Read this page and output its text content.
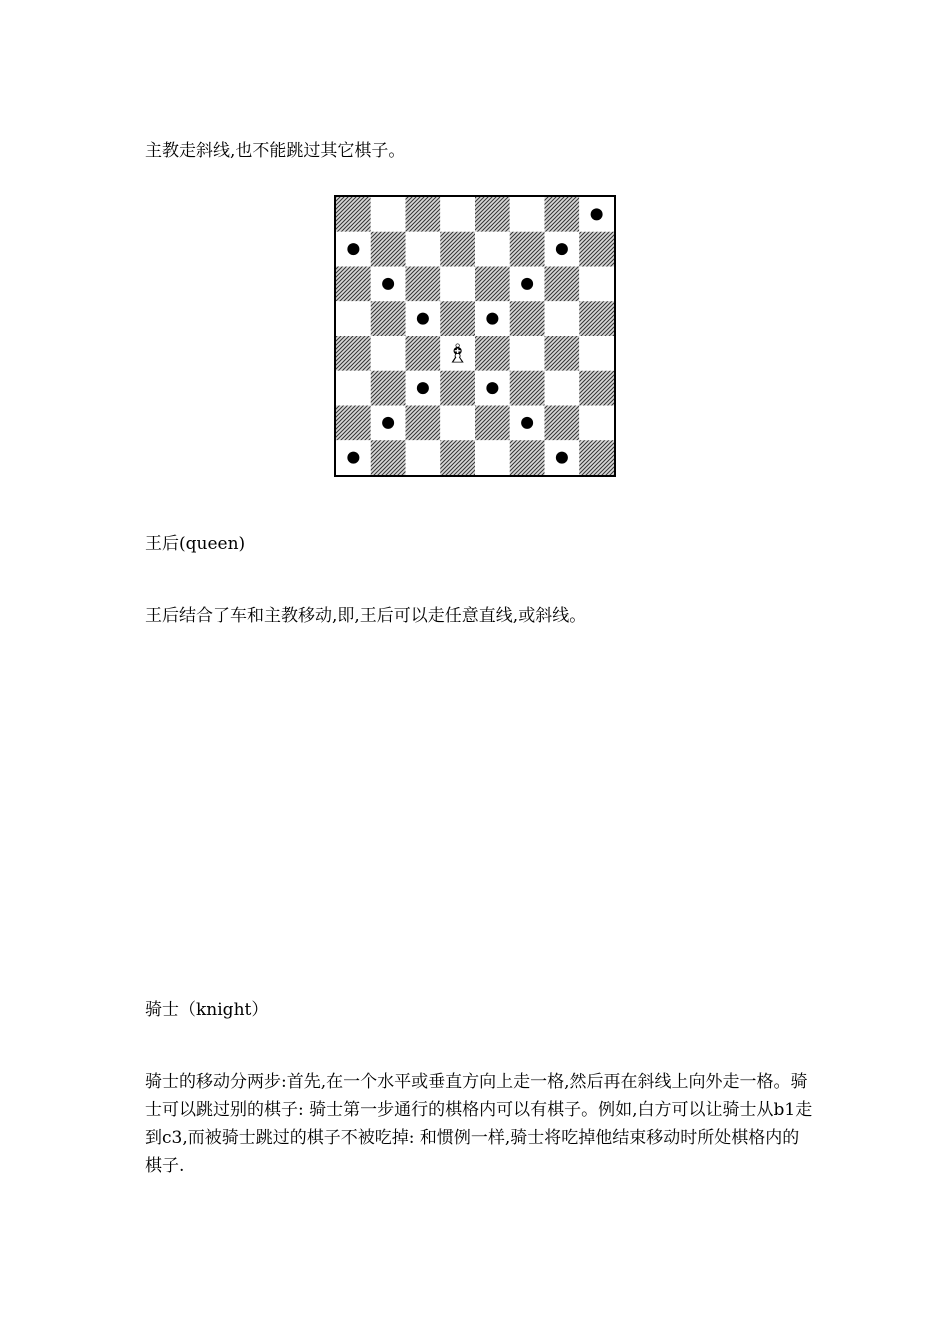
主教走斜线,也不能跳过其它棋子。

♗

王后(queen)

王后结合了车和主教移动,即,王后可以走任意直线,或斜线。

骑士（knight）

骑士的移动分两步:首先,在一个水平或垂直方向上走一格,然后再在斜线上向外走一格。骑士可以跳过别的棋子: 骑士第一步通行的棋格内可以有棋子。例如,白方可以让骑士从b1走到c3,而被骑士跳过的棋子不被吃掉: 和惯例一样,骑士将吃掉他结束移动时所处棋格内的棋子.
